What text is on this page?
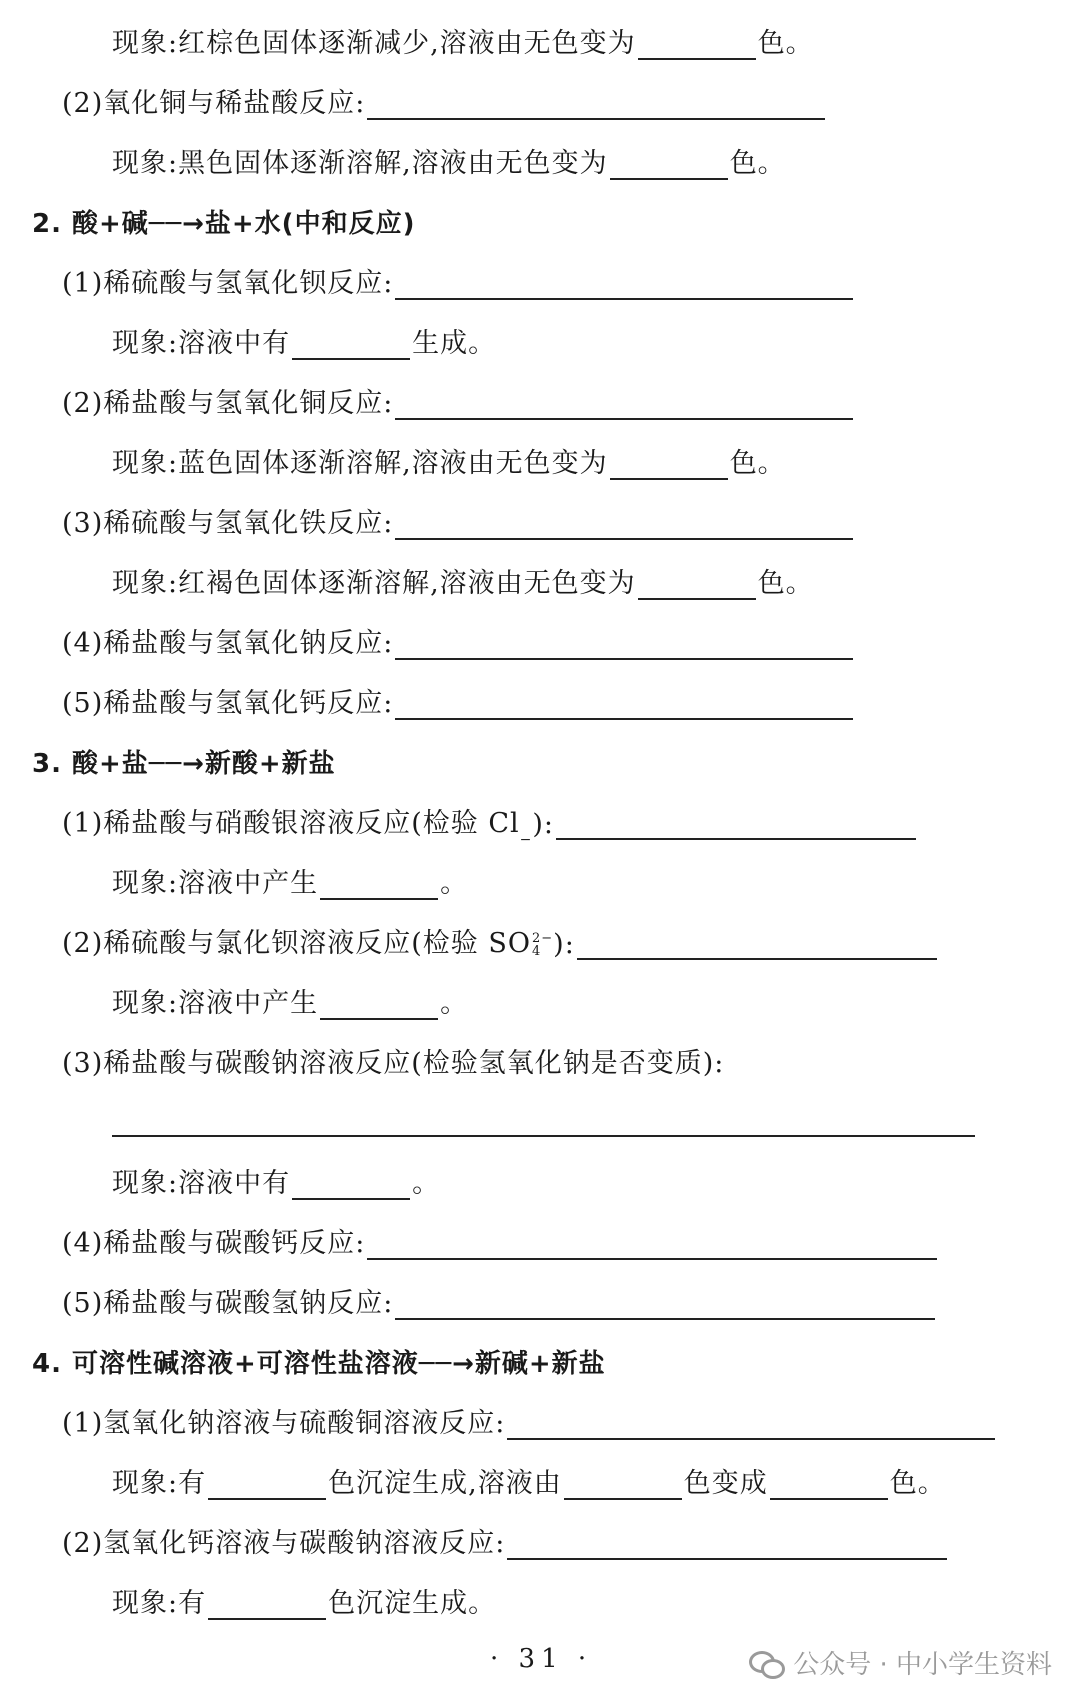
现象:红棕色固体逐渐减少,溶液由无色变为	色。
(2)氧化铜与稀盐酸反应:
现象:黑色固体逐渐溶解,溶液由无色变为	色。
2. 酸+碱──→盐+水(中和反应)
(1)稀硫酸与氢氧化钡反应:
现象:溶液中有	生成。
(2)稀盐酸与氢氧化铜反应:
现象:蓝色固体逐渐溶解,溶液由无色变为	色。
(3)稀硫酸与氢氧化铁反应:
现象:红褐色固体逐渐溶解,溶液由无色变为	色。
(4)稀盐酸与氢氧化钠反应:
(5)稀盐酸与氢氧化钙反应:
3. 酸+盐──→新酸+新盐
(1)稀盐酸与硝酸银溶液反应(检验 Cl
− ):
现象:溶液中产生	。
(2)稀硫酸与氯化钡溶液反应(检验 SO 2−
4 ):
现象:溶液中产生	。
(3)稀盐酸与碳酸钠溶液反应(检验氢氧化钠是否变质):
现象:溶液中有	。
(4)稀盐酸与碳酸钙反应:
(5)稀盐酸与碳酸氢钠反应:
4. 可溶性碱溶液+可溶性盐溶液──→新碱+新盐
(1)氢氧化钠溶液与硫酸铜溶液反应:
现象:有	色沉淀生成,溶液由	色变成	色。
(2)氢氧化钙溶液与碳酸钠溶液反应:
现象:有	色沉淀生成。
· 31 ·	公众号 · 中小学生资料
